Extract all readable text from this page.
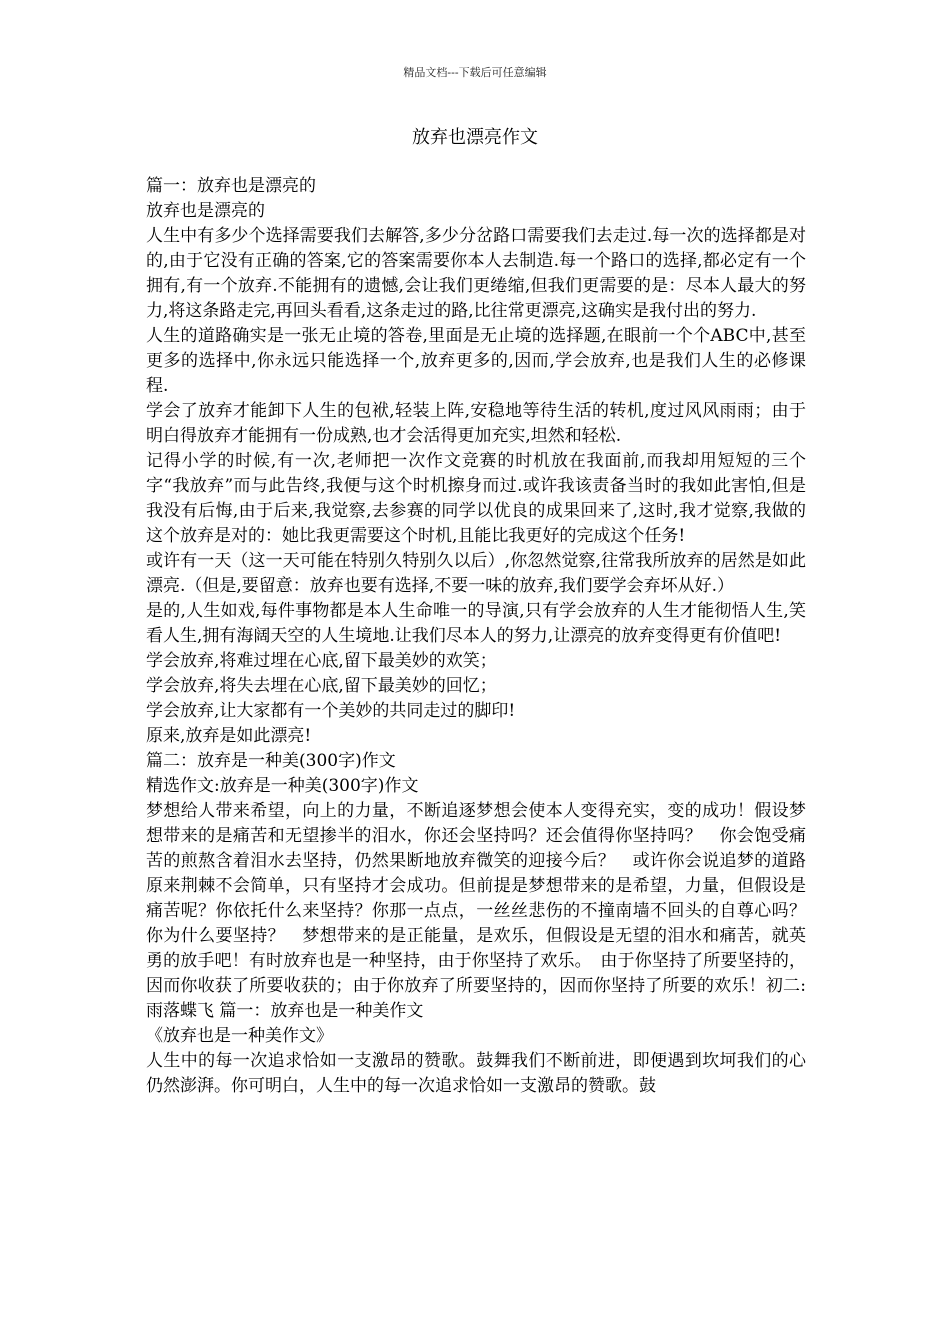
精品文档---下载后可任意编辑
放弃也漂亮作文

篇一：放弃也是漂亮的

放弃也是漂亮的

人生中有多少个选择需要我们去解答,多少分岔路口需要我们去走过.每一次的选择都是对的,由于它没有正确的答案,它的答案需要你本人去制造.每一个路口的选择,都必定有一个拥有,有一个放弃.不能拥有的遗憾,会让我们更绻缩,但我们更需要的是：尽本人最大的努力,将这条路走完,再回头看看,这条走过的路,比往常更漂亮,这确实是我付出的努力.

人生的道路确实是一张无止境的答卷,里面是无止境的选择题,在眼前一个个ABC中,甚至更多的选择中,你永远只能选择一个,放弃更多的,因而,学会放弃,也是我们人生的必修课程.

学会了放弃才能卸下人生的包袱,轻装上阵,安稳地等待生活的转机,度过风风雨雨；由于明白得放弃才能拥有一份成熟,也才会活得更加充实,坦然和轻松.

记得小学的时候,有一次,老师把一次作文竞赛的时机放在我面前,而我却用短短的三个字“我放弃”而与此告终,我便与这个时机擦身而过.或许我该责备当时的我如此害怕,但是我没有后悔,由于后来,我觉察,去参赛的同学以优良的成果回来了,这时,我才觉察,我做的这个放弃是对的：她比我更需要这个时机,且能比我更好的完成这个任务!

或许有一天（这一天可能在特别久特别久以后）,你忽然觉察,往常我所放弃的居然是如此漂亮.（但是,要留意：放弃也要有选择,不要一味的放弃,我们要学会弃坏从好.）

是的,人生如戏,每件事物都是本人生命唯一的导演,只有学会放弃的人生才能彻悟人生,笑看人生,拥有海阔天空的人生境地.让我们尽本人的努力,让漂亮的放弃变得更有价值吧!

学会放弃,将难过埋在心底,留下最美妙的欢笑；

学会放弃,将失去埋在心底,留下最美妙的回忆；

学会放弃,让大家都有一个美妙的共同走过的脚印!

原来,放弃是如此漂亮!

篇二：放弃是一种美(300字)作文

精选作文:放弃是一种美(300字)作文

梦想给人带来希望，向上的力量，不断追逐梦想会使本人变得充实，变的成功！假设梦想带来的是痛苦和无望掺半的泪水，你还会坚持吗？还会值得你坚持吗？　你会饱受痛苦的煎熬含着泪水去坚持，仍然果断地放弃微笑的迎接今后？　或许你会说追梦的道路原来荆棘不会简单，只有坚持才会成功。但前提是梦想带来的是希望，力量，但假设是痛苦呢？你依托什么来坚持？你那一点点，一丝丝悲伤的不撞南墙不回头的自尊心吗？你为什么要坚持？　梦想带来的是正能量，是欢乐，但假设是无望的泪水和痛苦，就英勇的放手吧！有时放弃也是一种坚持，由于你坚持了欢乐。　由于你坚持了所要坚持的，因而你收获了所要收获的；由于你放弃了所要坚持的，因而你坚持了所要的欢乐！初二:雨落蝶飞 篇一：放弃也是一种美作文

《放弃也是一种美作文》

人生中的每一次追求恰如一支激昂的赞歌。鼓舞我们不断前进，即便遇到坎坷我们的心仍然澎湃。你可明白，人生中的每一次追求恰如一支激昂的赞歌。鼓
